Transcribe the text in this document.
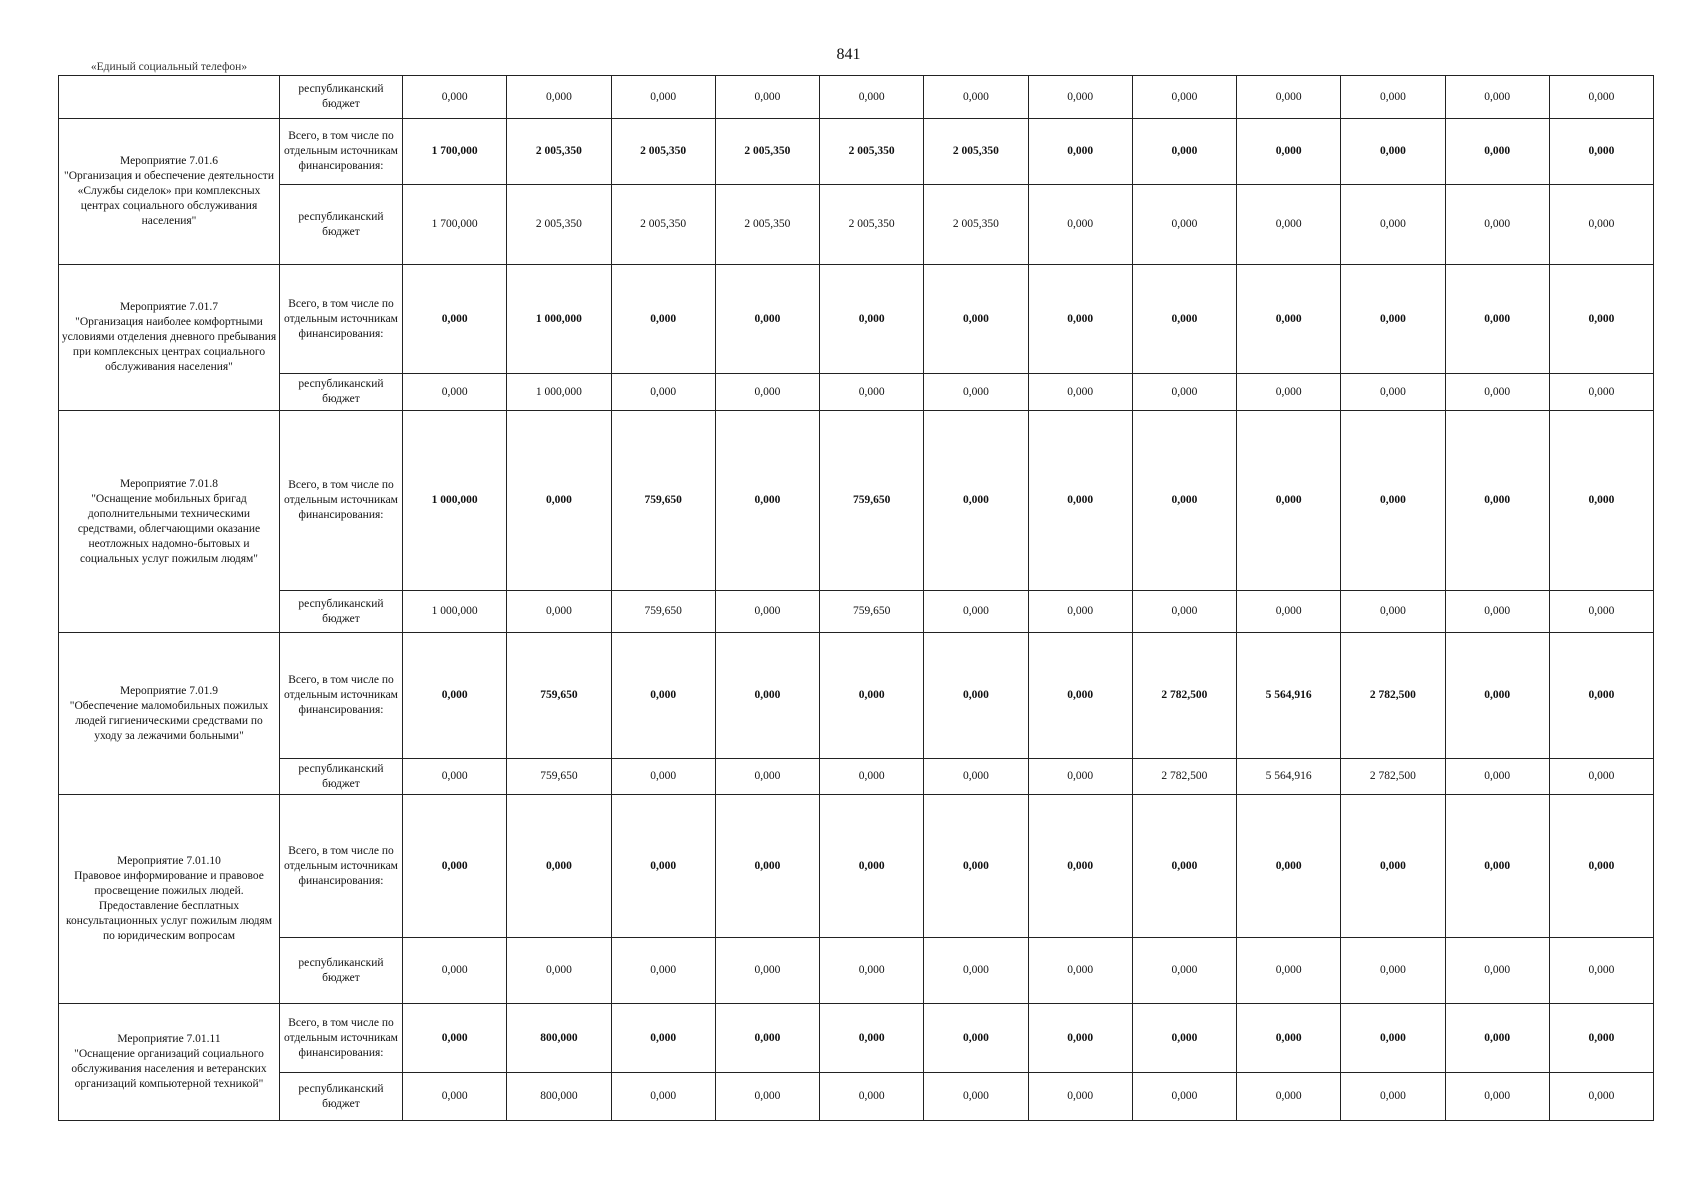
841
«Единый социальный телефон»	республиканский бюджет	0,000	0,000	0,000	0,000	0,000	0,000	0,000	0,000	0,000	0,000	0,000	0,000

Мероприятие 7.01.6
"Организация и обеспечение деятельности «Службы сиделок» при комплексных центрах социального обслуживания населения"	Всего, в том числе по отдельным источникам финансирования:	1 700,000	2 005,350	2 005,350	2 005,350	2 005,350	2 005,350	0,000	0,000	0,000	0,000	0,000	0,000
	республиканский бюджет	1 700,000	2 005,350	2 005,350	2 005,350	2 005,350	2 005,350	0,000	0,000	0,000	0,000	0,000	0,000

Мероприятие 7.01.7
"Организация наиболее комфортными условиями отделения дневного пребывания при комплексных центрах социального обслуживания населения"	Всего, в том числе по отдельным источникам финансирования:	0,000	1 000,000	0,000	0,000	0,000	0,000	0,000	0,000	0,000	0,000	0,000	0,000
	республиканский бюджет	0,000	1 000,000	0,000	0,000	0,000	0,000	0,000	0,000	0,000	0,000	0,000	0,000

Мероприятие 7.01.8
"Оснащение мобильных бригад дополнительными техническими средствами, облегчающими оказание неотложных надомно-бытовых и социальных услуг пожилым людям"	Всего, в том числе по отдельным источникам финансирования:	1 000,000	0,000	759,650	0,000	759,650	0,000	0,000	0,000	0,000	0,000	0,000	0,000
	республиканский бюджет	1 000,000	0,000	759,650	0,000	759,650	0,000	0,000	0,000	0,000	0,000	0,000	0,000

Мероприятие 7.01.9
"Обеспечение маломобильных пожилых людей гигиеническими средствами по уходу за лежачими больными"	Всего, в том числе по отдельным источникам финансирования:	0,000	759,650	0,000	0,000	0,000	0,000	0,000	2 782,500	5 564,916	2 782,500	0,000	0,000
	республиканский бюджет	0,000	759,650	0,000	0,000	0,000	0,000	0,000	2 782,500	5 564,916	2 782,500	0,000	0,000

Мероприятие 7.01.10
Правовое информирование и правовое просвещение пожилых людей. Предоставление бесплатных консультационных услуг пожилым людям по юридическим вопросам	Всего, в том числе по отдельным источникам финансирования:	0,000	0,000	0,000	0,000	0,000	0,000	0,000	0,000	0,000	0,000	0,000	0,000
	республиканский бюджет	0,000	0,000	0,000	0,000	0,000	0,000	0,000	0,000	0,000	0,000	0,000	0,000

Мероприятие 7.01.11
"Оснащение организаций социального обслуживания населения и ветеранских организаций компьютерной техникой"	Всего, в том числе по отдельным источникам финансирования:	0,000	800,000	0,000	0,000	0,000	0,000	0,000	0,000	0,000	0,000	0,000	0,000
	республиканский бюджет	0,000	800,000	0,000	0,000	0,000	0,000	0,000	0,000	0,000	0,000	0,000	0,000
